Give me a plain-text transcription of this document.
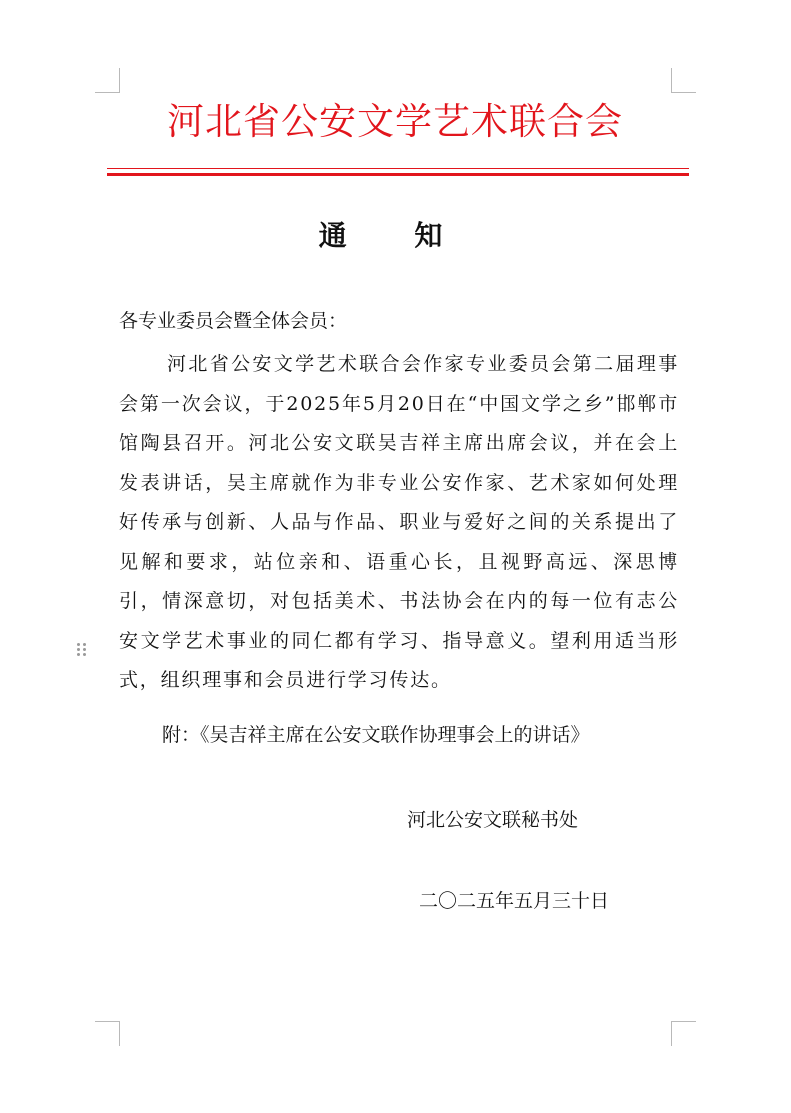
河北省公安文学艺术联合会
通 知
各专业委员会暨全体会员：
河北省公安文学艺术联合会作家专业委员会第二届理事会第一次会议，于2025年5月20日在“中国文学之乡”邯郸市馆陶县召开。河北公安文联吴吉祥主席出席会议，并在会上发表讲话，吴主席就作为非专业公安作家、艺术家如何处理好传承与创新、人品与作品、职业与爱好之间的关系提出了见解和要求，站位亲和、语重心长，且视野高远、深思博引，情深意切，对包括美术、书法协会在内的每一位有志公安文学艺术事业的同仁都有学习、指导意义。望利用适当形式，组织理事和会员进行学习传达。
附：《吴吉祥主席在公安文联作协理事会上的讲话》
河北公安文联秘书处
二〇二五年五月三十日
